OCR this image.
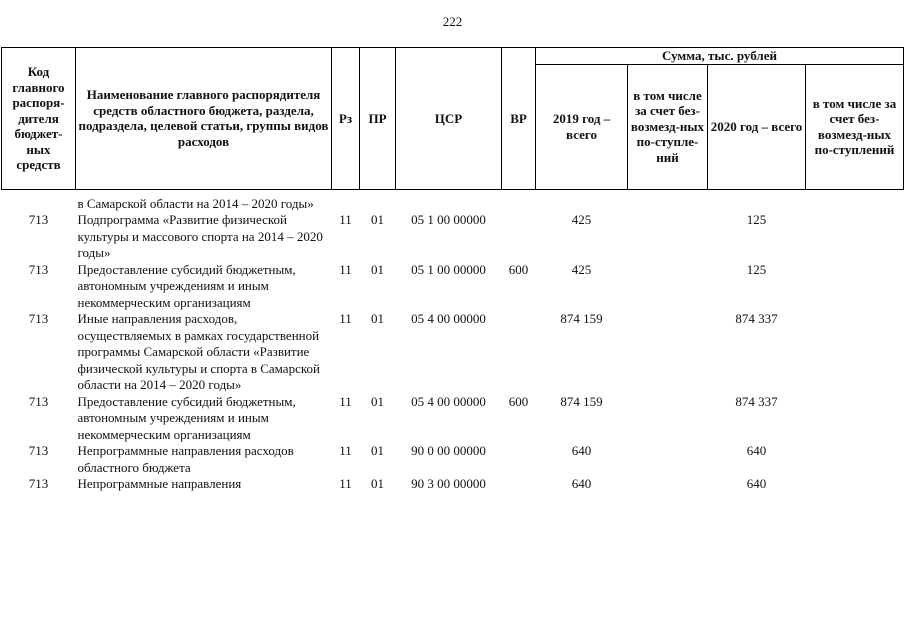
222
Код главного распоря-дителя бюджет-ных средств	Наименование главного распорядителя средств областного бюджета, раздела, подраздела, целевой статьи, группы видов расходов	Рз	ПР	ЦСР	ВР	Сумма, тыс. рублей			
						2019 год – всего	в том числе за счет без-возмезд-ных по-ступле-ний	2020 год – всего	в том числе за счет без-возмезд-ных по-ступлений

	в Самарской области на 2014 – 2020 годы»								
713	Подпрограмма «Развитие физической культуры и массового спорта на 2014 – 2020 годы»	11	01	05 1 00 00000		425		125	
713	Предоставление субсидий бюджетным, автономным учреждениям и иным некоммерческим организациям	11	01	05 1 00 00000	600	425		125	
713	Иные направления расходов, осуществляемых в рамках государственной программы Самарской области «Развитие физической культуры и спорта в Самарской области на 2014 – 2020 годы»	11	01	05 4 00 00000		874 159		874 337	
713	Предоставление субсидий бюджетным, автономным учреждениям и иным некоммерческим организациям	11	01	05 4 00 00000	600	874 159		874 337	
713	Непрограммные направления расходов областного бюджета	11	01	90 0 00 00000		640		640	
713	Непрограммные направления	11	01	90 3 00 00000		640		640	
